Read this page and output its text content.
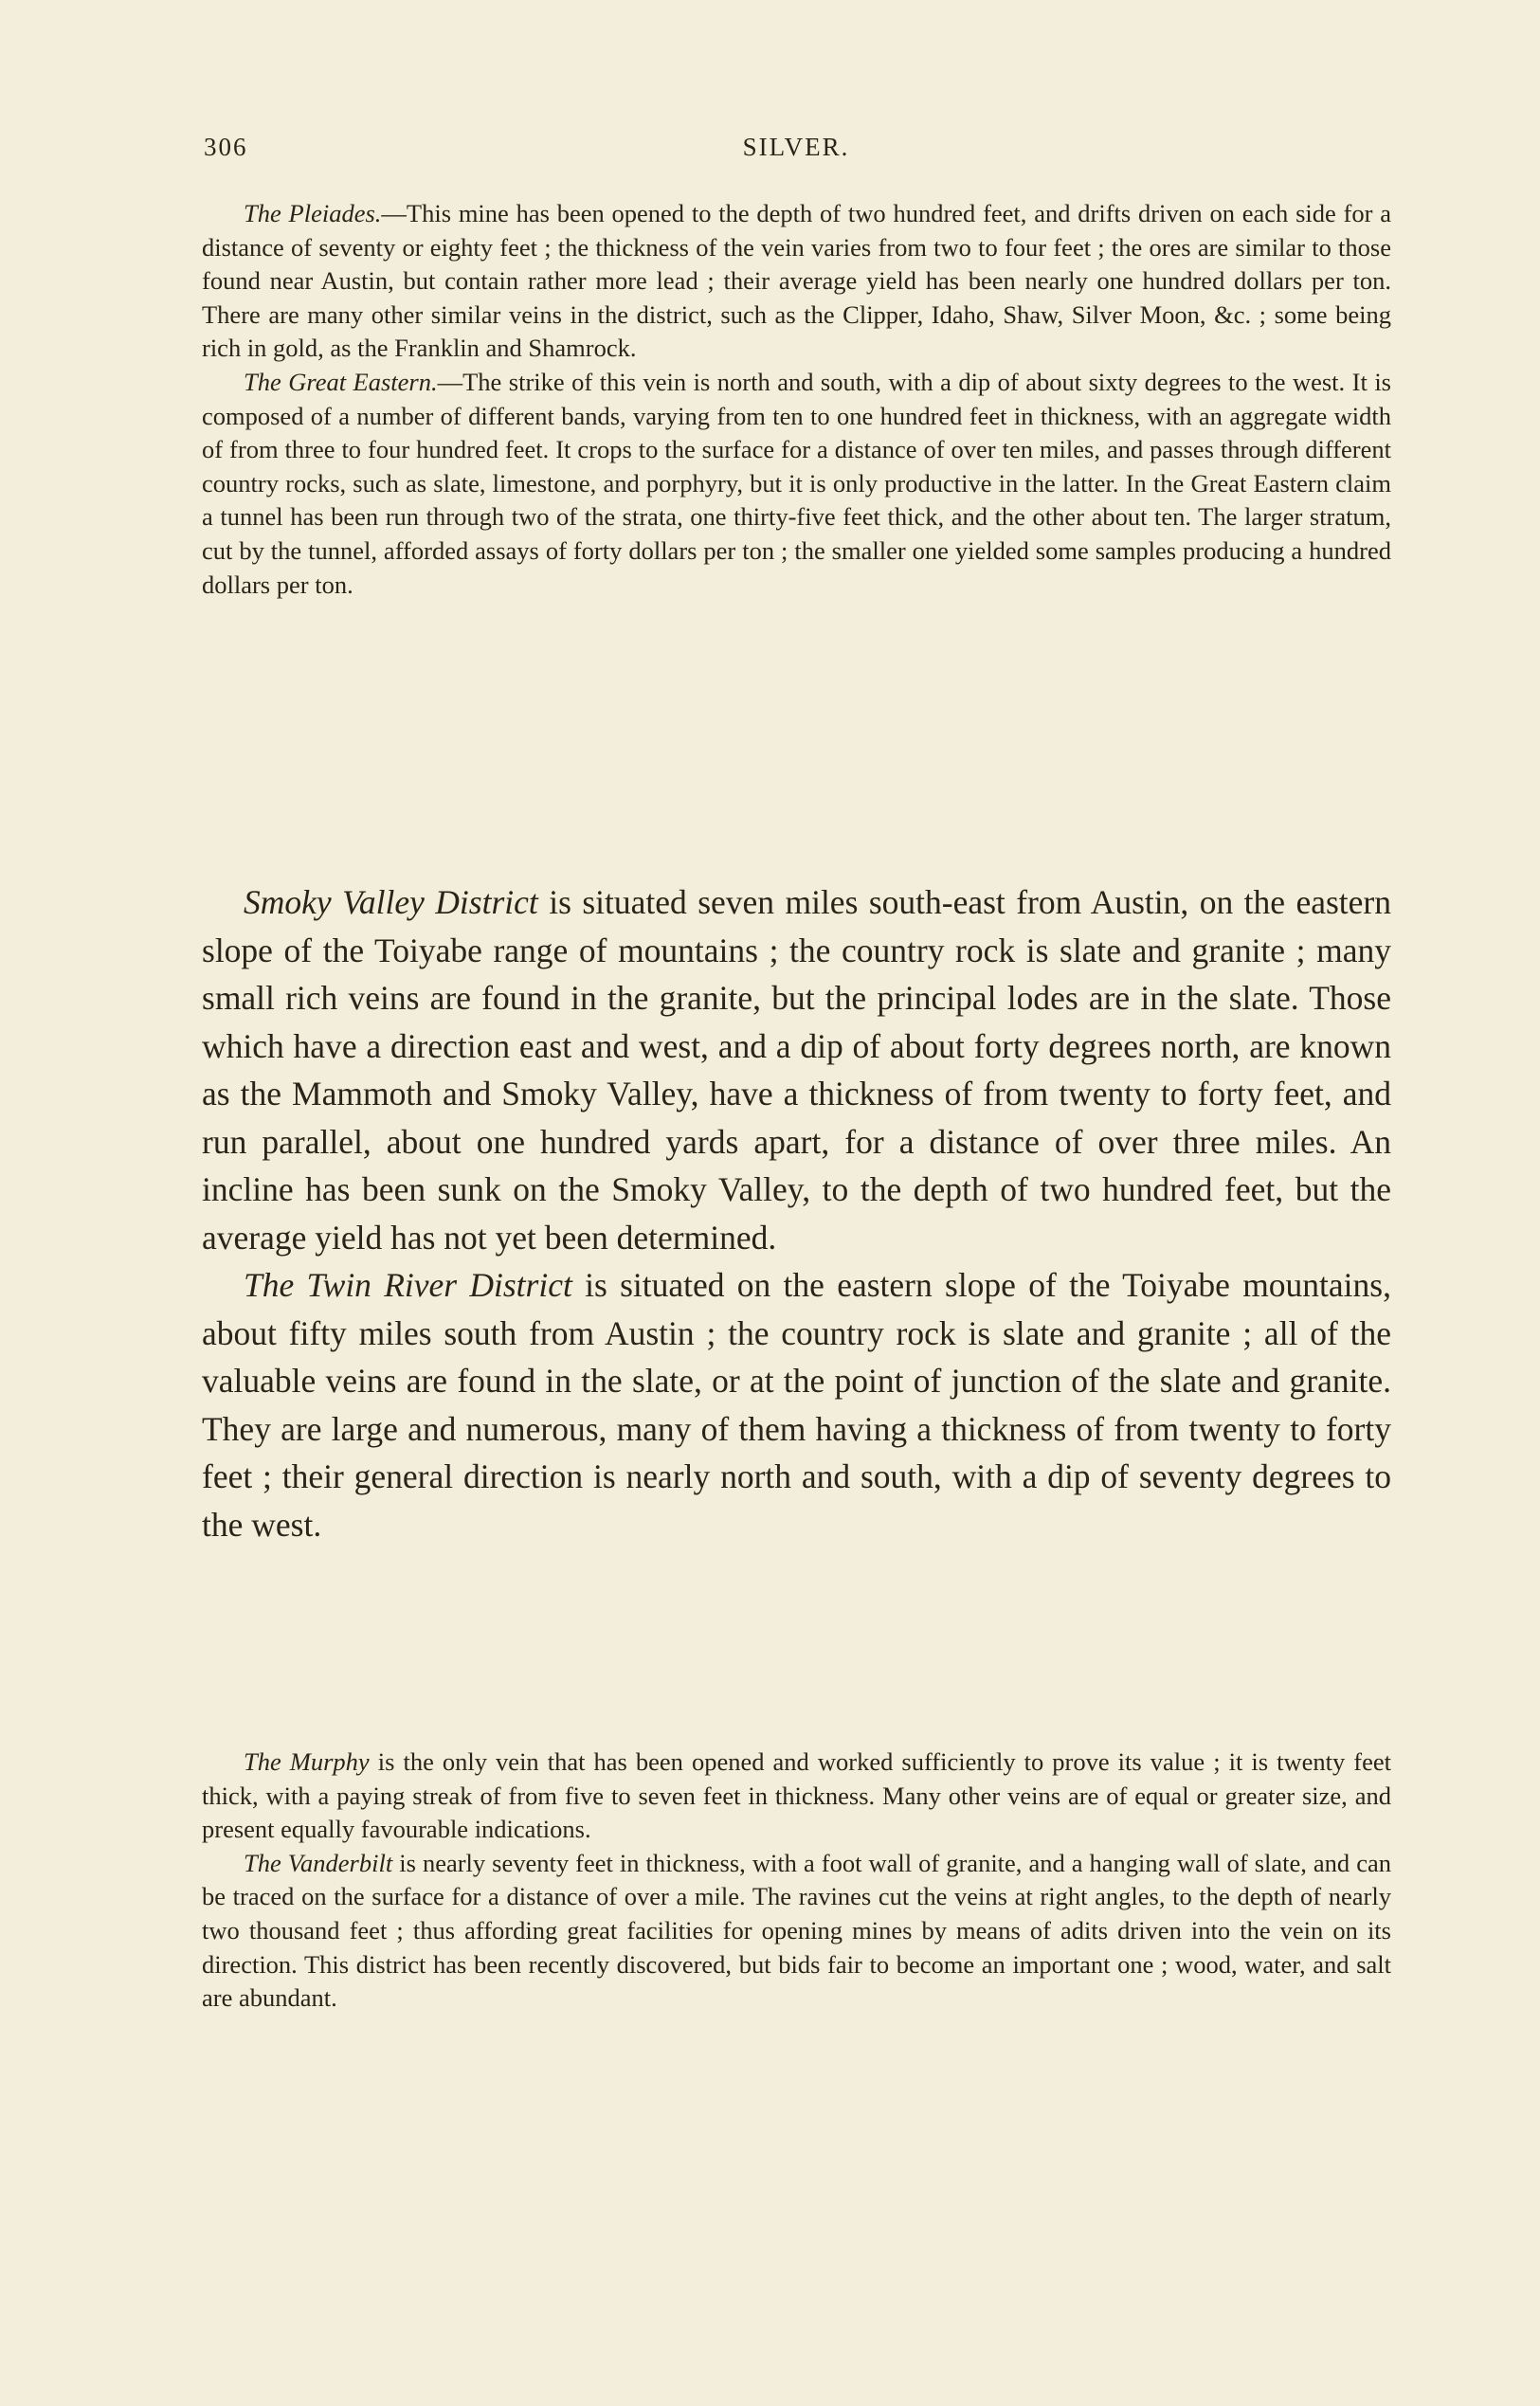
306	SILVER.

The Pleiades.—This mine has been opened to the depth of two hundred feet, and drifts driven on each side for a distance of seventy or eighty feet ; the thickness of the vein varies from two to four feet ; the ores are similar to those found near Austin, but contain rather more lead ; their average yield has been nearly one hundred dollars per ton. There are many other similar veins in the district, such as the Clipper, Idaho, Shaw, Silver Moon, &c. ; some being rich in gold, as the Franklin and Shamrock.

The Great Eastern.—The strike of this vein is north and south, with a dip of about sixty degrees to the west. It is composed of a number of different bands, varying from ten to one hundred feet in thickness, with an aggregate width of from three to four hundred feet. It crops to the surface for a distance of over ten miles, and passes through different country rocks, such as slate, limestone, and porphyry, but it is only productive in the latter. In the Great Eastern claim a tunnel has been run through two of the strata, one thirty-five feet thick, and the other about ten. The larger stratum, cut by the tunnel, afforded assays of forty dollars per ton ; the smaller one yielded some samples producing a hundred dollars per ton.

Smoky Valley District is situated seven miles south-east from Austin, on the eastern slope of the Toiyabe range of mountains ; the country rock is slate and granite ; many small rich veins are found in the granite, but the principal lodes are in the slate. Those which have a direction east and west, and a dip of about forty degrees north, are known as the Mammoth and Smoky Valley, have a thickness of from twenty to forty feet, and run parallel, about one hundred yards apart, for a distance of over three miles. An incline has been sunk on the Smoky Valley, to the depth of two hundred feet, but the average yield has not yet been determined.

The Twin River District is situated on the eastern slope of the Toiyabe mountains, about fifty miles south from Austin ; the country rock is slate and granite ; all of the valuable veins are found in the slate, or at the point of junction of the slate and granite. They are large and numerous, many of them having a thickness of from twenty to forty feet ; their general direction is nearly north and south, with a dip of seventy degrees to the west.

The Murphy is the only vein that has been opened and worked sufficiently to prove its value ; it is twenty feet thick, with a paying streak of from five to seven feet in thickness. Many other veins are of equal or greater size, and present equally favourable indications.

The Vanderbilt is nearly seventy feet in thickness, with a foot wall of granite, and a hanging wall of slate, and can be traced on the surface for a distance of over a mile. The ravines cut the veins at right angles, to the depth of nearly two thousand feet ; thus affording great facilities for opening mines by means of adits driven into the vein on its direction. This district has been recently discovered, but bids fair to become an important one ; wood, water, and salt are abundant.
